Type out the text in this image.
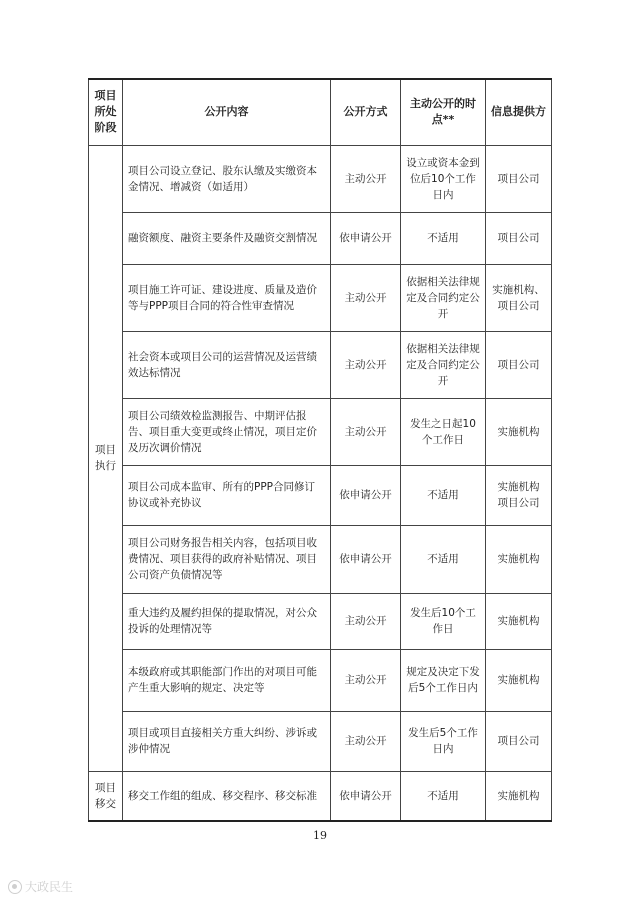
项目所处阶段	公开内容	公开方式	主动公开的时点**	信息提供方
项目执行	项目公司设立登记、股东认缴及实缴资本金情况、增减资（如适用）	主动公开	设立或资本金到位后10个工作日内	项目公司
	融资额度、融资主要条件及融资交割情况	依申请公开	不适用	项目公司
	项目施工许可证、建设进度、质量及造价等与PPP项目合同的符合性审查情况	主动公开	依据相关法律规定及合同约定公开	实施机构、项目公司
	社会资本或项目公司的运营情况及运营绩效达标情况	主动公开	依据相关法律规定及合同约定公开	项目公司
	项目公司绩效检监测报告、中期评估报告、项目重大变更或终止情况，项目定价及历次调价情况	主动公开	发生之日起10个工作日	实施机构
	项目公司成本监审、所有的PPP合同修订协议或补充协议	依申请公开	不适用	实施机构 项目公司
	项目公司财务报告相关内容，包括项目收费情况、项目获得的政府补贴情况、项目公司资产负债情况等	依申请公开	不适用	实施机构
	重大违约及履约担保的提取情况，对公众投诉的处理情况等	主动公开	发生后10个工作日	实施机构
	本级政府或其职能部门作出的对项目可能产生重大影响的规定、决定等	主动公开	规定及决定下发后5个工作日内	实施机构
	项目或项目直接相关方重大纠纷、涉诉或涉仲情况	主动公开	发生后5个工作日内	项目公司
项目移交	移交工作组的组成、移交程序、移交标准	依申请公开	不适用	实施机构
19
大政民生
